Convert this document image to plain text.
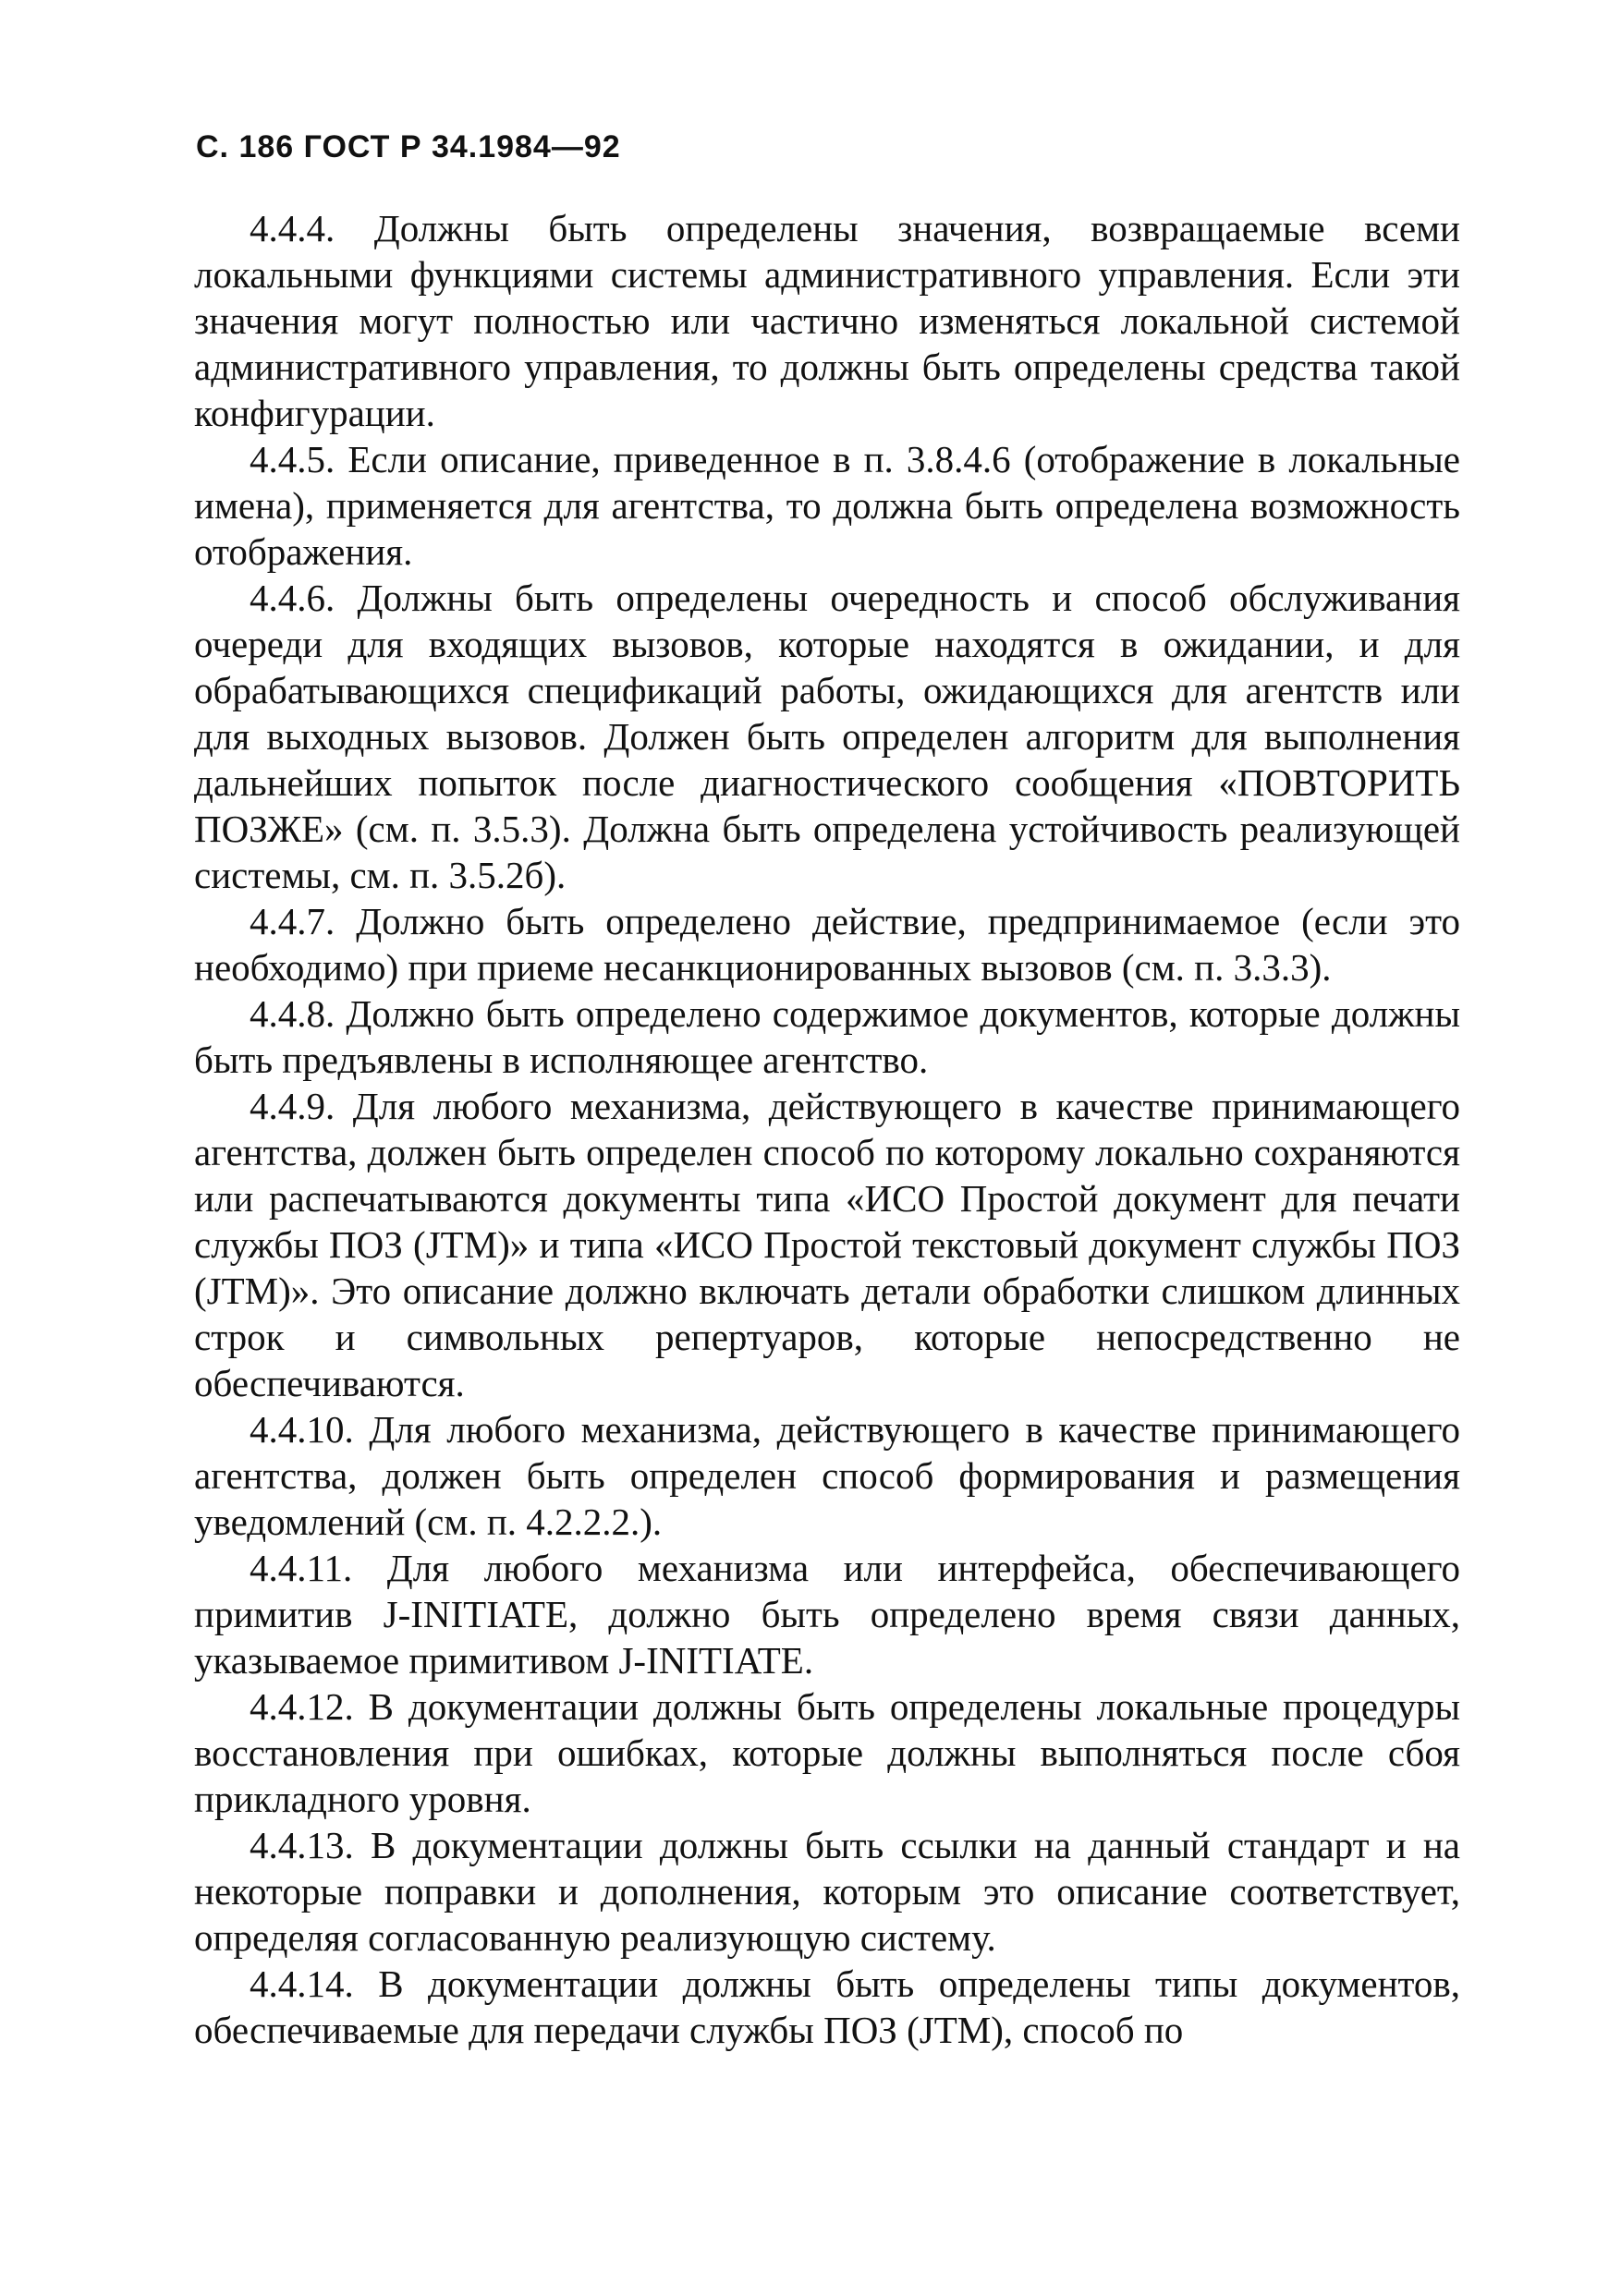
С. 186 ГОСТ Р 34.1984—92

4.4.4. Должны быть определены значения, возвращаемые всеми локальными функциями системы административного управления. Если эти значения могут полностью или частично изменяться локальной системой административного управления, то должны быть определены средства такой конфигурации.

4.4.5. Если описание, приведенное в п. 3.8.4.6 (отображение в локальные имена), применяется для агентства, то должна быть определена возможность отображения.

4.4.6. Должны быть определены очередность и способ обслуживания очереди для входящих вызовов, которые находятся в ожидании, и для обрабатывающихся спецификаций работы, ожидающихся для агентств или для выходных вызовов. Должен быть определен алгоритм для выполнения дальнейших попыток после диагностического сообщения «ПОВТОРИТЬ ПОЗЖЕ» (см. п. 3.5.3). Должна быть определена устойчивость реализующей системы, см. п. 3.5.2б).

4.4.7. Должно быть определено действие, предпринимаемое (если это необходимо) при приеме несанкционированных вызовов (см. п. 3.3.3).

4.4.8. Должно быть определено содержимое документов, которые должны быть предъявлены в исполняющее агентство.

4.4.9. Для любого механизма, действующего в качестве принимающего агентства, должен быть определен способ по которому локально сохраняются или распечатываются документы типа «ИСО Простой документ для печати службы ПОЗ (JTM)» и типа «ИСО Простой текстовый документ службы ПОЗ (JTM)». Это описание должно включать детали обработки слишком длинных строк и символьных репертуаров, которые непосредственно не обеспечиваются.

4.4.10. Для любого механизма, действующего в качестве принимающего агентства, должен быть определен способ формирования и размещения уведомлений (см. п. 4.2.2.2.).

4.4.11. Для любого механизма или интерфейса, обеспечивающего примитив J-INITIATE, должно быть определено время связи данных, указываемое примитивом J-INITIATE.

4.4.12. В документации должны быть определены локальные процедуры восстановления при ошибках, которые должны выполняться после сбоя прикладного уровня.

4.4.13. В документации должны быть ссылки на данный стандарт и на некоторые поправки и дополнения, которым это описание соответствует, определяя согласованную реализующую систему.

4.4.14. В документации должны быть определены типы документов, обеспечиваемые для передачи службы ПОЗ (JTM), способ по
